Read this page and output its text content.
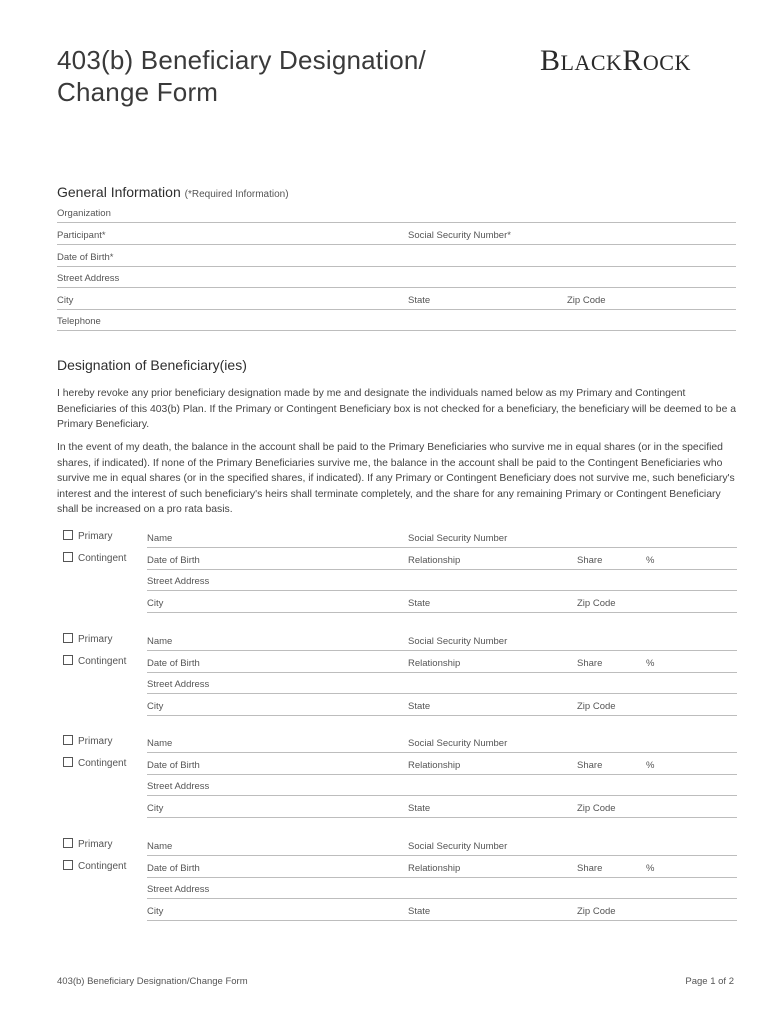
403(b) Beneficiary Designation/
Change Form
BLACKROCK
General Information (*Required Information)
Organization
Participant*	Social Security Number*
Date of Birth*
Street Address
City	State	Zip Code
Telephone
Designation of Beneficiary(ies)
I hereby revoke any prior beneficiary designation made by me and designate the individuals named below as my Primary and Contingent Beneficiaries of this 403(b) Plan. If the Primary or Contingent Beneficiary box is not checked for a beneficiary, the beneficiary will be deemed to be a Primary Beneficiary.
In the event of my death, the balance in the account shall be paid to the Primary Beneficiaries who survive me in equal shares (or in the specified shares, if indicated). If none of the Primary Beneficiaries survive me, the balance in the account shall be paid to the Contingent Beneficiaries who survive me in equal shares (or in the specified shares, if indicated). If any Primary or Contingent Beneficiary does not survive me, such beneficiary's interest and the interest of such beneficiary's heirs shall terminate completely, and the share for any remaining Primary or Contingent Beneficiary shall be increased on a pro rata basis.
Primary
Contingent
Name	Social Security Number
Date of Birth	Relationship	Share	%
Street Address
City	State	Zip Code
Primary
Contingent
Name	Social Security Number
Date of Birth	Relationship	Share	%
Street Address
City	State	Zip Code
Primary
Contingent
Name	Social Security Number
Date of Birth	Relationship	Share	%
Street Address
City	State	Zip Code
Primary
Contingent
Name	Social Security Number
Date of Birth	Relationship	Share	%
Street Address
City	State	Zip Code
403(b) Beneficiary Designation/Change Form	Page 1 of 2
